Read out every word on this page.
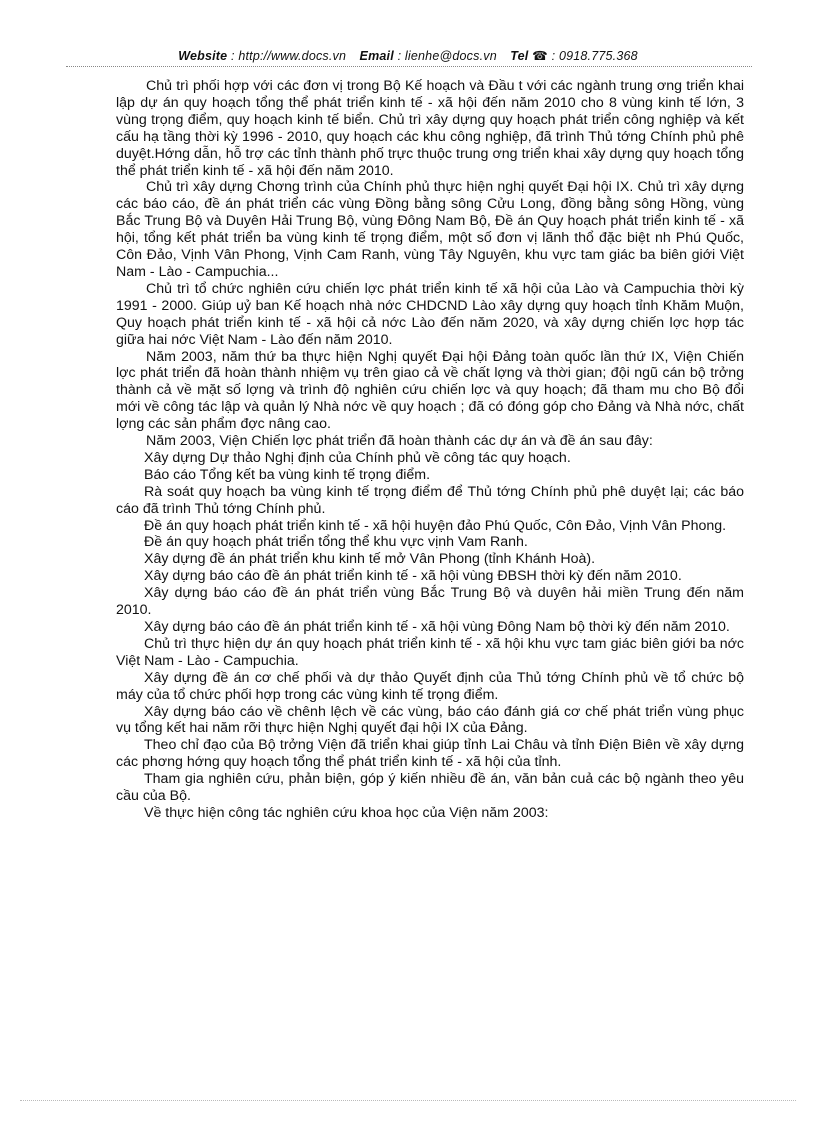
Website : http://www.docs.vn Email : lienhe@docs.vn Tel ☎ : 0918.775.368

Chủ trì phối hợp với các đơn vị trong Bộ Kế hoạch và Đầu t với các ngành trung ơng triển khai lập dự án quy hoạch tổng thể phát triển kinh tế - xã hội đến năm 2010 cho 8 vùng kinh tế lớn, 3 vùng trọng điểm, quy hoạch kinh tế biển. Chủ trì xây dựng quy hoạch phát triển công nghiệp và kết cấu hạ tầng thời kỳ 1996 - 2010, quy hoạch các khu công nghiệp, đã trình Thủ tớng Chính phủ phê duyệt.Hớng dẫn, hỗ trợ các tỉnh thành phố trực thuộc trung ơng triển khai xây dựng quy hoạch tổng thể phát triển kinh tế - xã hội đến năm 2010.

Chủ trì xây dựng Chơng trình của Chính phủ thực hiện nghị quyết Đại hội IX. Chủ trì xây dựng các báo cáo, đề án phát triển các vùng Đồng bằng sông Cửu Long, đồng bằng sông Hồng, vùng Bắc Trung Bộ và Duyên Hải Trung Bộ, vùng Đông Nam Bộ, Đề án Quy hoạch phát triển kinh tế - xã hội, tổng kết phát triển ba vùng kinh tế trọng điểm, một số đơn vị lãnh thổ đặc biệt nh Phú Quốc, Côn Đảo, Vịnh Vân Phong, Vịnh Cam Ranh, vùng Tây Nguyên, khu vực tam giác ba biên giới Việt Nam - Lào - Campuchia...

Chủ trì tổ chức nghiên cứu chiến lợc phát triển kinh tế xã hội của Lào và Campuchia thời kỳ 1991 - 2000. Giúp uỷ ban Kế hoạch nhà nớc CHDCND Lào xây dựng quy hoạch tỉnh Khăm Muộn, Quy hoạch phát triển kinh tế - xã hội cả nớc Lào đến năm 2020, và xây dựng chiến lợc hợp tác giữa hai nớc Việt Nam - Lào đến năm 2010.

Năm 2003, năm thứ ba thực hiện Nghị quyết Đại hội Đảng toàn quốc lần thứ IX, Viện Chiến lợc phát triển đã hoàn thành nhiệm vụ trên giao cả về chất lợng và thời gian; đội ngũ cán bộ trởng thành cả về mặt số lợng và trình độ nghiên cứu chiến lợc và quy hoạch; đã tham mu cho Bộ đổi mới về công tác lập và quản lý Nhà nớc về quy hoạch ; đã có đóng góp cho Đảng và Nhà nớc, chất lợng các sản phẩm đợc nâng cao.

Năm 2003, Viện Chiến lợc phát triển đã hoàn thành các dự án và đề án sau đây:

Xây dựng Dự thảo Nghị định của Chính phủ về công tác quy hoạch.

Báo cáo Tổng kết ba vùng kinh tế trọng điểm.

Rà soát quy hoạch ba vùng kinh tế trọng điểm để Thủ tớng Chính phủ phê duyệt lại; các báo cáo đã trình Thủ tớng Chính phủ.

Đề án quy hoạch phát triển kinh tế - xã hội huyện đảo Phú Quốc, Côn Đảo, Vịnh Vân Phong.

Đề án quy hoạch phát triển tổng thể khu vực vịnh Vam Ranh.

Xây dựng đề án phát triển khu kinh tế mở Vân Phong (tỉnh Khánh Hoà).

Xây dựng báo cáo đề án phát triển kinh tế - xã hội vùng ĐBSH thời kỳ đến năm 2010.

Xây dựng báo cáo đề án phát triển vùng Bắc Trung Bộ và duyên hải miền Trung đến năm 2010.

Xây dựng báo cáo đề án phát triển kinh tế - xã hội vùng Đông Nam bộ thời kỳ đến năm 2010.

Chủ trì thực hiện dự án quy hoạch phát triển kinh tế - xã hội khu vực tam giác biên giới ba nớc Việt Nam - Lào - Campuchia.

Xây dựng đề án cơ chế phối và dự thảo Quyết định của Thủ tớng Chính phủ về tổ chức bộ máy của tổ chức phối hợp trong các vùng kinh tế trọng điểm.

Xây dựng báo cáo về chênh lệch về các vùng, báo cáo đánh giá cơ chế phát triển vùng phục vụ tổng kết hai năm rỡi thực hiện Nghị quyết đại hội IX của Đảng.

Theo chỉ đạo của Bộ trởng Viện đã triển khai giúp tỉnh Lai Châu và tỉnh Điện Biên về xây dựng các phơng hớng quy hoạch tổng thể phát triển kinh tế - xã hội của tỉnh.

Tham gia nghiên cứu, phản biện, góp ý kiến nhiều đề án, văn bản cuả các bộ ngành theo yêu cầu của Bộ.

Về thực hiện công tác nghiên cứu khoa học của Viện năm 2003:
